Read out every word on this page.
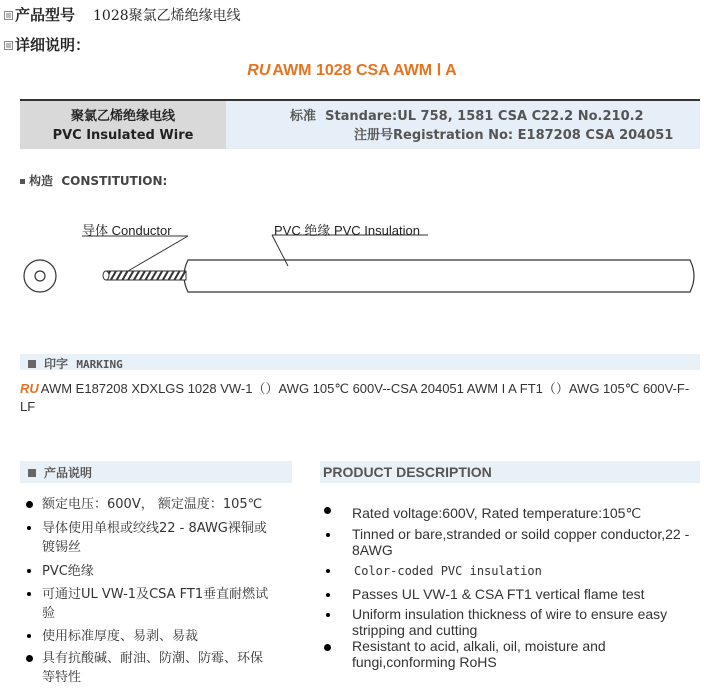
产品型号 1028聚氯乙烯绝缘电线
详细说明：
RU AWM 1028 CSA AWM Ⅰ A
聚氯乙烯绝缘电线
PVC Insulated Wire
标准 Standare:UL 758, 1581 CSA C22.2 No.210.2
注册号Registration No: E187208 CSA 204051
构造 CONSTITUTION:
导体 Conductor	PVC 绝缘 PVC Insulation
印字 MARKING
RU AWM E187208 XDXLGS 1028 VW-1（）AWG 105℃ 600V--CSA 204051 AWM I A FT1（）AWG 105℃ 600V-F-LF
产品说明	PRODUCT DESCRIPTION
额定电压：600V， 额定温度：105℃
导体使用单根或绞线22 - 8AWG裸铜或
镀锡丝
PVC绝缘
可通过UL VW-1及CSA FT1垂直耐燃试
验
使用标准厚度、易剥、易裁
具有抗酸碱、耐油、防潮、防霉、环保
等特性
Rated voltage:600V, Rated temperature:105℃
Tinned or bare,stranded or soild copper conductor,22 -
8AWG
Color-coded PVC insulation
Passes UL VW-1 & CSA FT1 vertical flame test
Uniform insulation thickness of wire to ensure easy
stripping and cutting
Resistant to acid, alkali, oil, moisture and
fungi,conforming RoHS
